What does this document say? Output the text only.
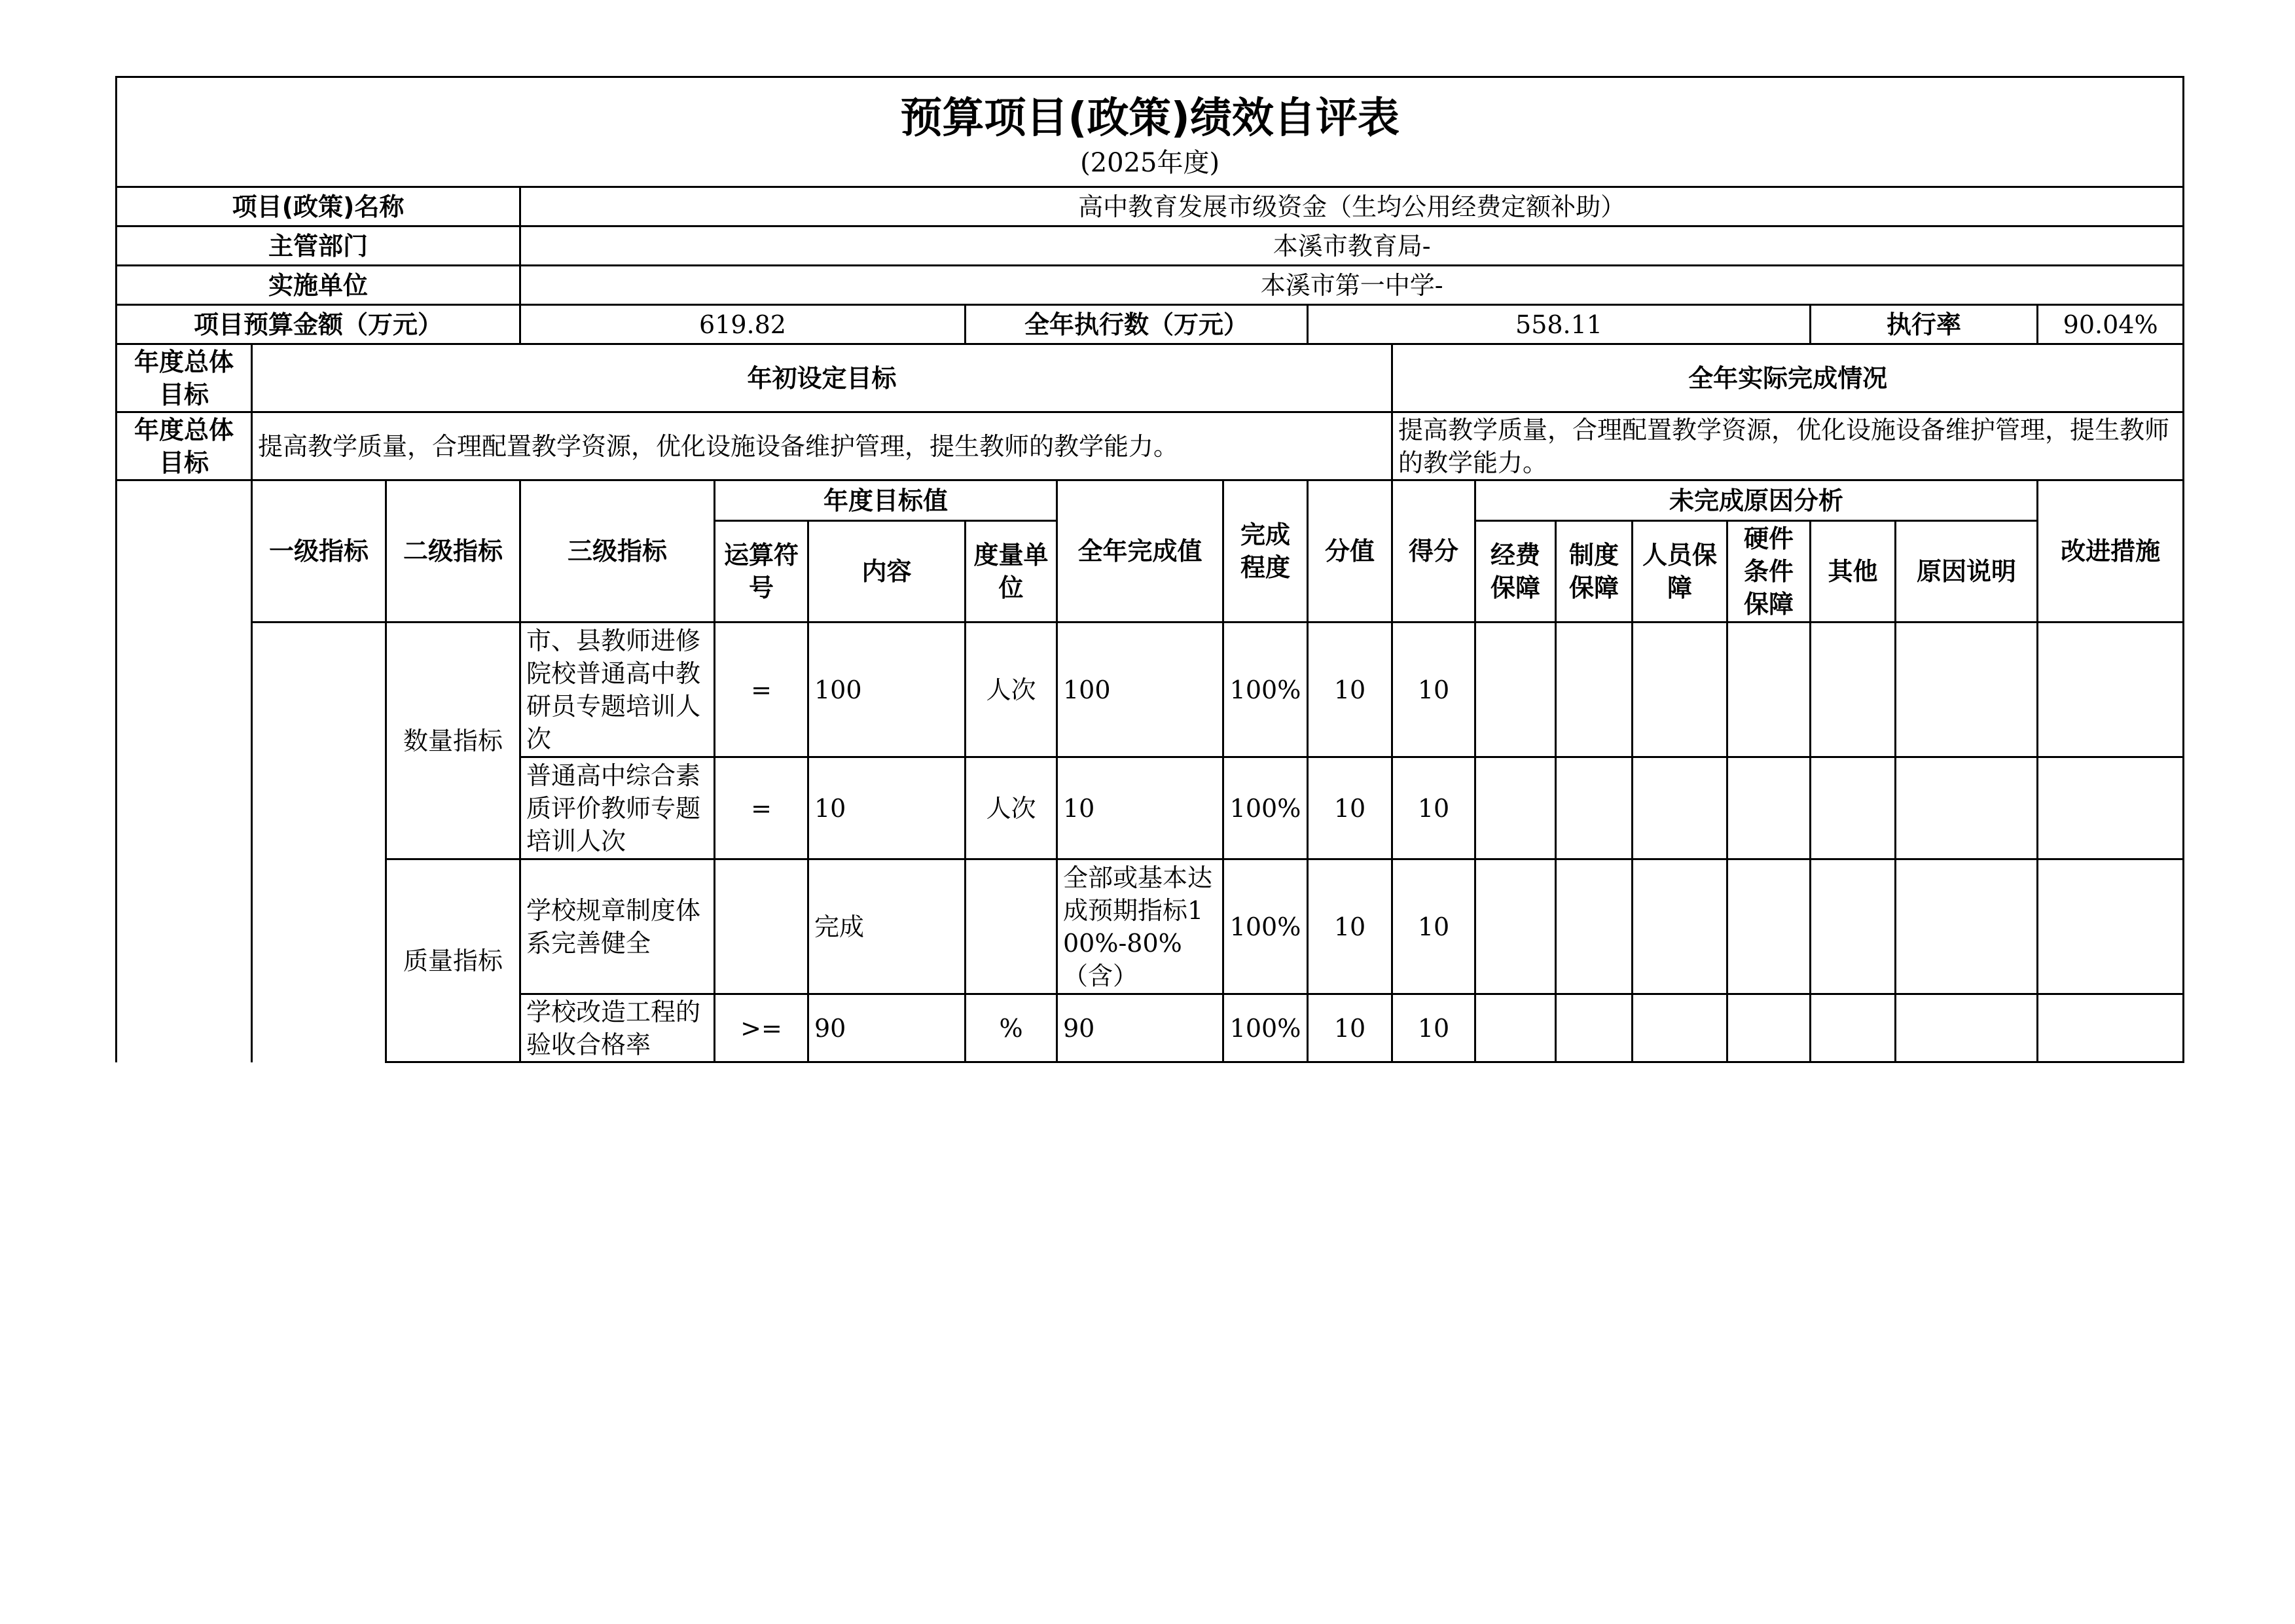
预算项目(政策)绩效自评表
(2025年度)																	

项目(政策)名称			高中教育发展市级资金（生均公用经费定额补助）														
主管部门			本溪市教育局-														
实施单位			本溪市第一中学-														
项目预算金额（万元）			619.82			全年执行数（万元）			558.11						执行率		90.04%
年度总体目标	年初设定目标									全年实际完成情况							
年度总体目标	提高教学质量，合理配置教学资源，优化设施设备维护管理，提生教师的教学能力。									提高教学质量，合理配置教学资源，优化设施设备维护管理，提生教师的教学能力。							
	一级指标	二级指标	三级指标	年度目标值			全年完成值	完成程度	分值	得分	未完成原因分析						改进措施
				运算符号	内容	度量单位					经费保障	制度保障	人员保障	硬件条件保障	其他	原因说明	
		数量指标	市、县教师进修院校普通高中教研员专题培训人次	=	100	人次	100	100%	10	10							
			普通高中综合素质评价教师专题培训人次	=	10	人次	10	100%	10	10							
		质量指标	学校规章制度体系完善健全		完成		全部或基本达成预期指标100%-80%（含）	100%	10	10							
			学校改造工程的验收合格率	>=	90	%	90	100%	10	10							
